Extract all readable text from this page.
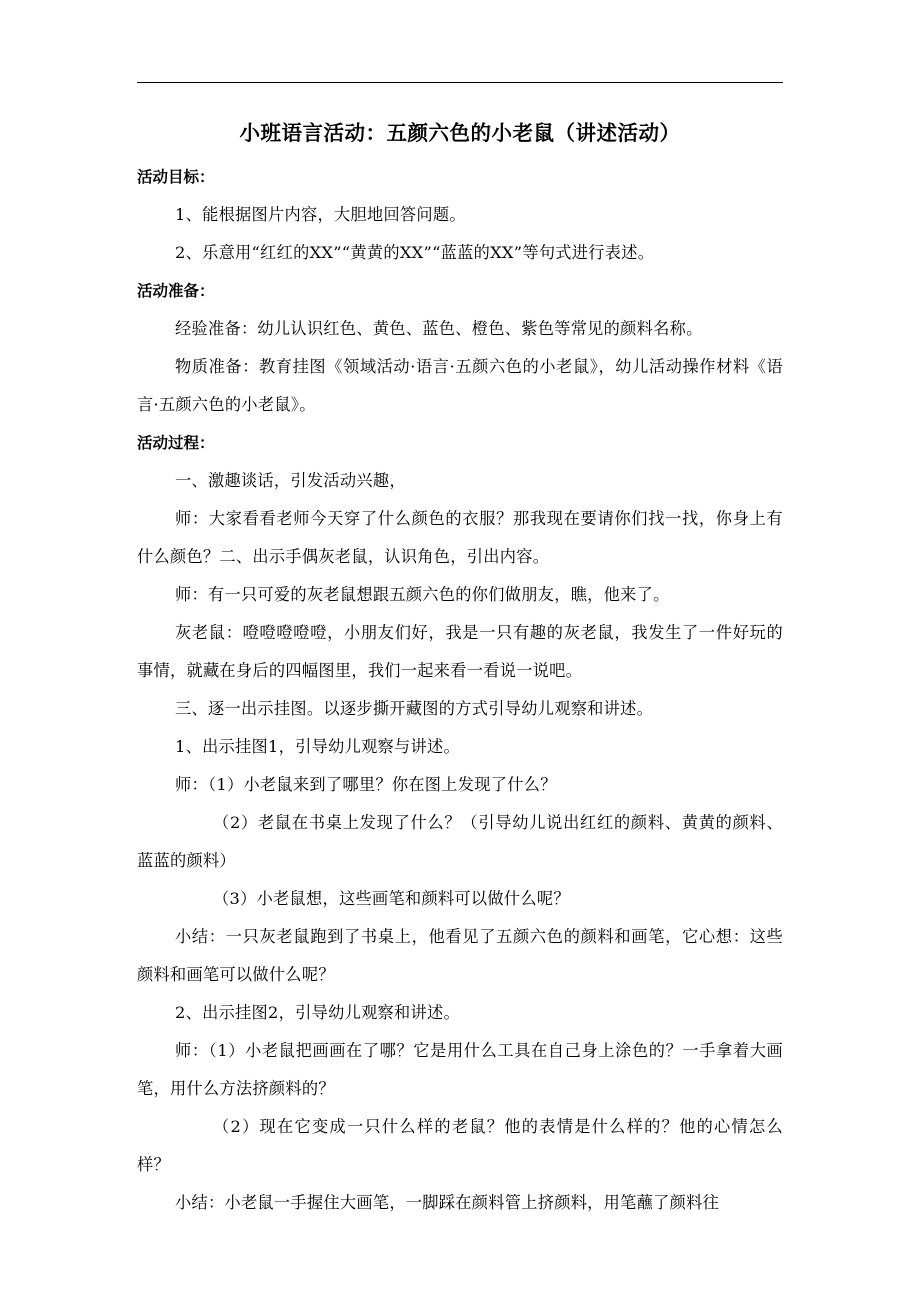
小班语言活动：五颜六色的小老鼠（讲述活动）
活动目标：

1、能根据图片内容，大胆地回答问题。

2、乐意用“红红的XX”“黄黄的XX”“蓝蓝的XX”等句式进行表述。

活动准备：

经验准备：幼儿认识红色、黄色、蓝色、橙色、紫色等常见的颜料名称。

物质准备：教育挂图《领域活动·语言·五颜六色的小老鼠》，幼儿活动操作材料《语言·五颜六色的小老鼠》。

活动过程：

一、激趣谈话，引发活动兴趣，

师：大家看看老师今天穿了什么颜色的衣服？那我现在要请你们找一找，你身上有什么颜色？二、出示手偶灰老鼠，认识角色，引出内容。

师：有一只可爱的灰老鼠想跟五颜六色的你们做朋友，瞧，他来了。

灰老鼠：噔噔噔噔噔，小朋友们好，我是一只有趣的灰老鼠，我发生了一件好玩的事情，就藏在身后的四幅图里，我们一起来看一看说一说吧。

三、逐一出示挂图。以逐步撕开藏图的方式引导幼儿观察和讲述。

1、出示挂图1，引导幼儿观察与讲述。

师：（1）小老鼠来到了哪里？你在图上发现了什么？

（2）老鼠在书桌上发现了什么？（引导幼儿说出红红的颜料、黄黄的颜料、蓝蓝的颜料）

（3）小老鼠想，这些画笔和颜料可以做什么呢？

小结：一只灰老鼠跑到了书桌上，他看见了五颜六色的颜料和画笔，它心想：这些颜料和画笔可以做什么呢？

2、出示挂图2，引导幼儿观察和讲述。

师：（1）小老鼠把画画在了哪？它是用什么工具在自己身上涂色的？一手拿着大画笔，用什么方法挤颜料的？

（2）现在它变成一只什么样的老鼠？他的表情是什么样的？他的心情怎么样？

小结：小老鼠一手握住大画笔，一脚踩在颜料管上挤颜料，用笔蘸了颜料往
